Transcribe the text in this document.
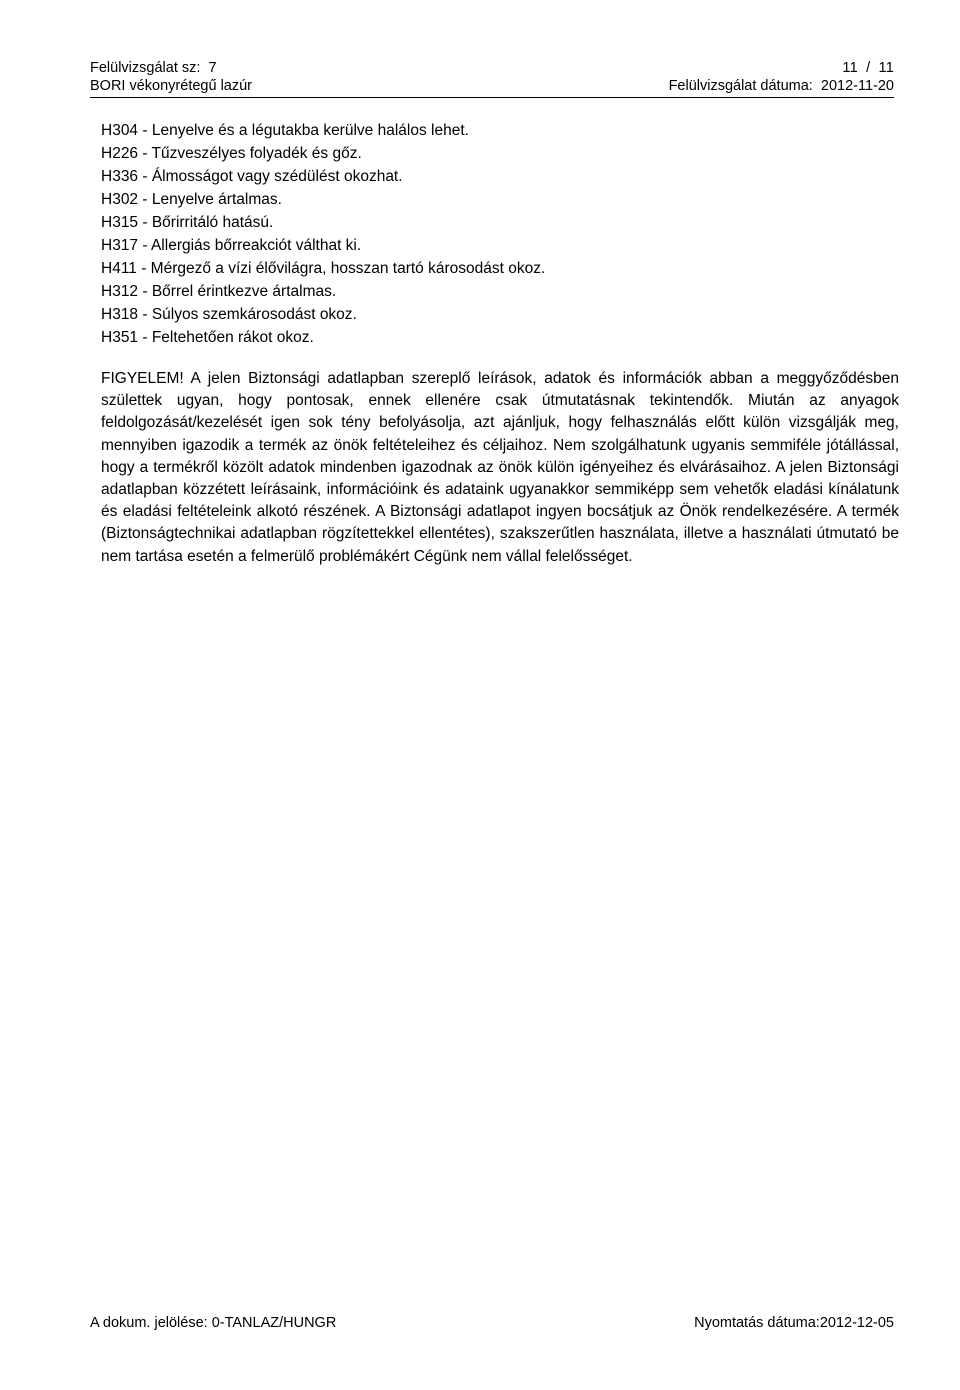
Felülvizsgálat sz: 7	11 / 11
BORI vékonyrétegű lazúr	Felülvizsgálat dátuma: 2012-11-20
H304 - Lenyelve és a légutakba kerülve halálos lehet.
H226 - Tűzveszélyes folyadék és gőz.
H336 - Álmosságot vagy szédülést okozhat.
H302 - Lenyelve ártalmas.
H315 - Bőrirritáló hatású.
H317 - Allergiás bőrreakciót válthat ki.
H411 - Mérgező a vízi élővilágra, hosszan tartó károsodást okoz.
H312 - Bőrrel érintkezve ártalmas.
H318 - Súlyos szemkárosodást okoz.
H351 - Feltehetően rákot okoz.

FIGYELEM! A jelen Biztonsági adatlapban szereplő leírások, adatok és információk abban a meggyőződésben születtek ugyan, hogy pontosak, ennek ellenére csak útmutatásnak tekintendők. Miután az anyagok feldolgozását/kezelését igen sok tény befolyásolja, azt ajánljuk, hogy felhasználás előtt külön vizsgálják meg, mennyiben igazodik a termék az önök feltételeihez és céljaihoz. Nem szolgálhatunk ugyanis semmiféle jótállással, hogy a termékről közölt adatok mindenben igazodnak az önök külön igényeihez és elvárásaihoz. A jelen Biztonsági adatlapban közzétett leírásaink, információink és adataink ugyanakkor semmiképp sem vehetők eladási kínálatunk és eladási feltételeink alkotó részének. A Biztonsági adatlapot ingyen bocsátjuk az Önök rendelkezésére. A termék (Biztonságtechnikai adatlapban rögzítettekkel ellentétes), szakszerűtlen használata, illetve a használati útmutató be nem tartása esetén a felmerülő problémákért Cégünk nem vállal felelősséget.

A dokum. jelölése: 0-TANLAZ/HUNGR	Nyomtatás dátuma:2012-12-05
